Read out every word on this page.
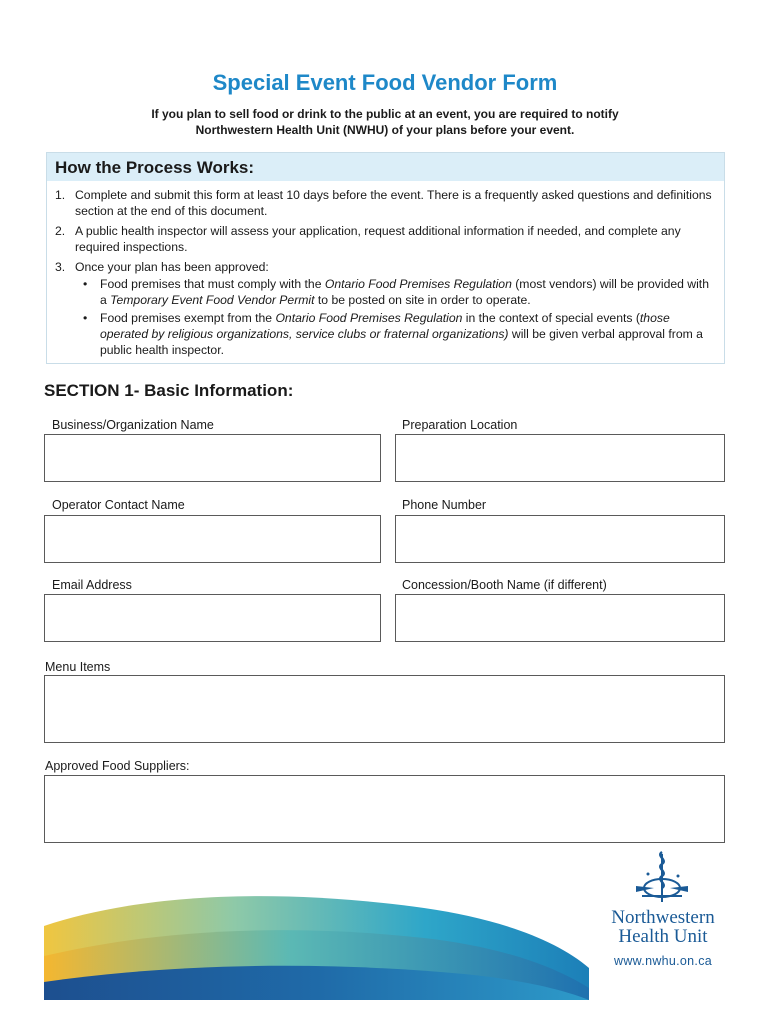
Special Event Food Vendor Form
If you plan to sell food or drink to the public at an event, you are required to notify
Northwestern Health Unit (NWHU) of your plans before your event.
How the Process Works:
1. Complete and submit this form at least 10 days before the event. There is a frequently asked questions and definitions section at the end of this document.
2. A public health inspector will assess your application, request additional information if needed, and complete any required inspections.
3. Once your plan has been approved:
• Food premises that must comply with the Ontario Food Premises Regulation (most vendors) will be provided with a Temporary Event Food Vendor Permit to be posted on site in order to operate.
• Food premises exempt from the Ontario Food Premises Regulation in the context of special events (those operated by religious organizations, service clubs or fraternal organizations) will be given verbal approval from a public health inspector.
SECTION 1- Basic Information:
Business/Organization Name	Preparation Location
Operator Contact Name	Phone Number
Email Address	Concession/Booth Name (if different)
Menu Items
Approved Food Suppliers:
Northwestern
Health Unit
www.nwhu.on.ca
